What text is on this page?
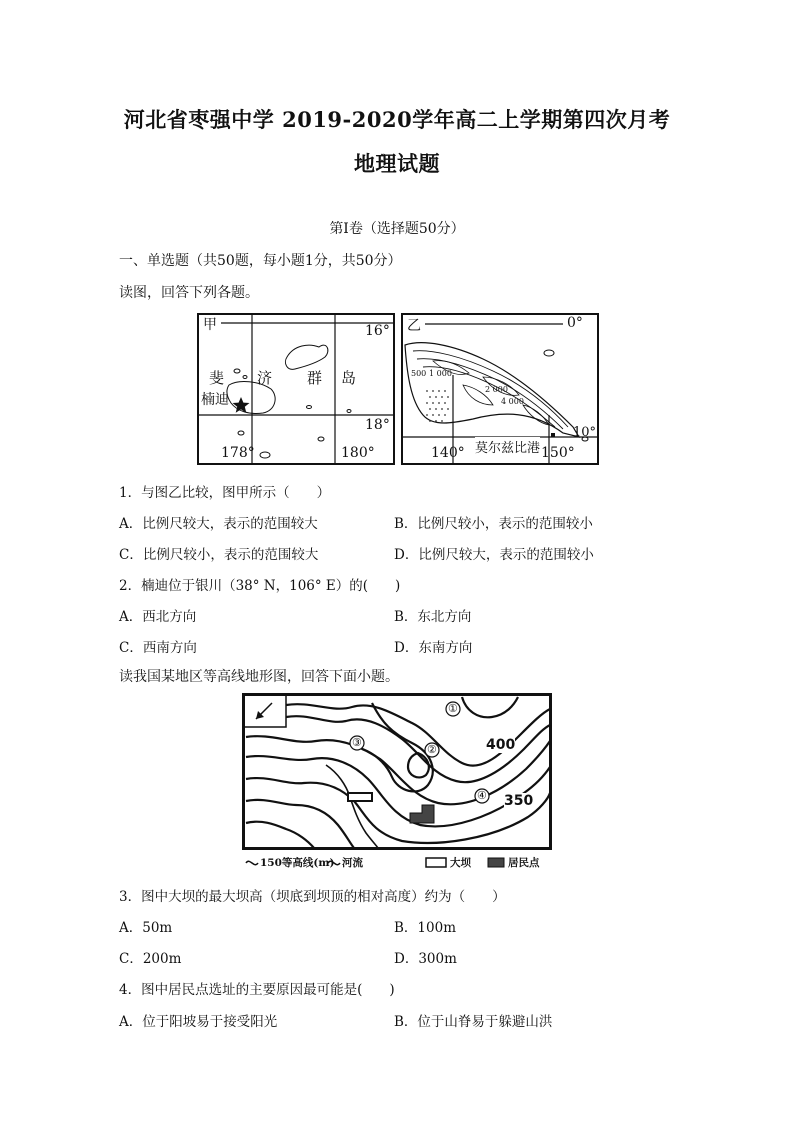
河北省枣强中学 2019-2020学年高二上学期第四次月考
地理试题
第Ⅰ卷（选择题50分）
一、单选题（共50题，每小题1分，共50分）
读图，回答下列各题。
甲	16°
18°
178°	180°
斐 济 群 岛
楠迪
乙	0°
10°
140°	150°
500 1 000
2 000
4 000
莫尔兹比港
1．与图乙比较，图甲所示（　　）
A．比例尺较大，表示的范围较大	B．比例尺较小，表示的范围较小
C．比例尺较小，表示的范围较大	D．比例尺较大，表示的范围较小
2．楠迪位于银川（38° N，106° E）的(　　)
A．西北方向	B．东北方向
C．西南方向	D．东南方向
读我国某地区等高线地形图，回答下面小题。
①
②
③
④
400
350
150等高线(m) 河流	大坝	居民点
3．图中大坝的最大坝高（坝底到坝顶的相对高度）约为（　　）
A．50m	B．100m
C．200m	D．300m
4．图中居民点选址的主要原因最可能是(　　)
A．位于阳坡易于接受阳光	B．位于山脊易于躲避山洪
